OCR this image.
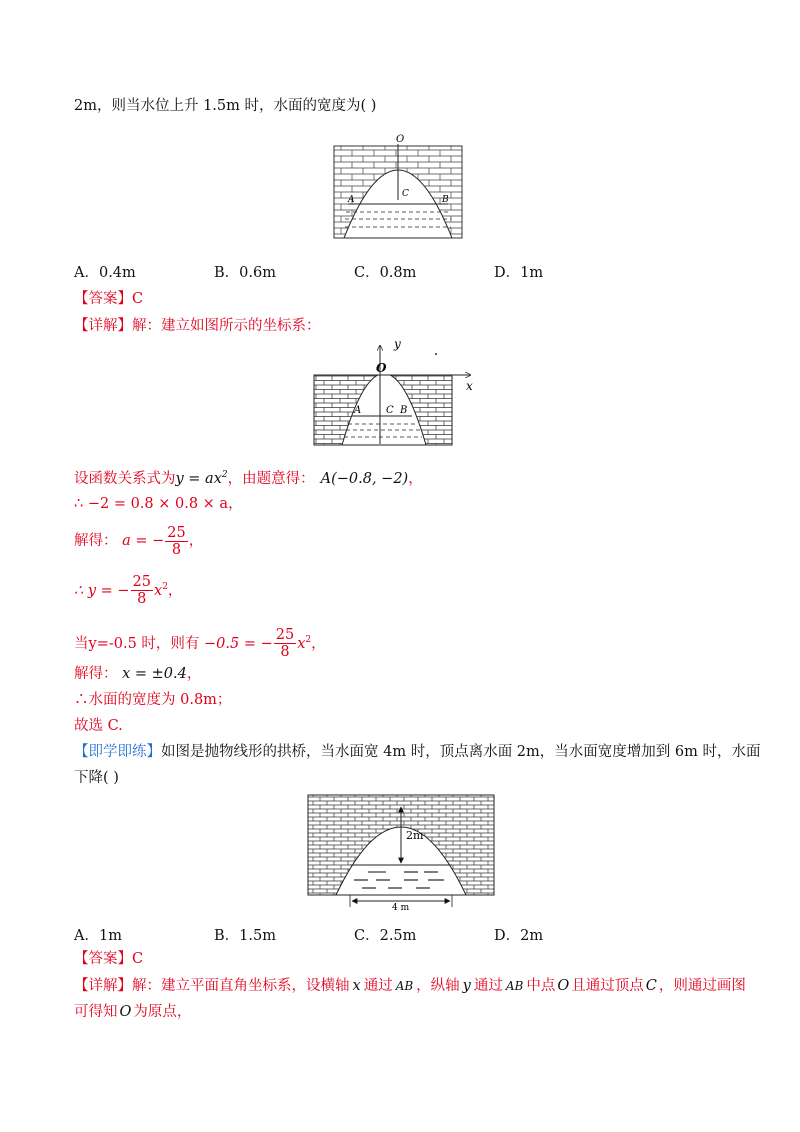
2m，则当水位上升 1.5m 时，水面的宽度为( )
O
A	B
C
A．0.4m	B．0.6m	C．0.8m	D．1m
【答案】C
【详解】解：建立如图所示的坐标系：
y
x
O
A C B
设函数关系式为$y = ax^2$，由题意得： A(−0.8, −2)，
∴ −2 = 0.8 × 0.8 × a，
解得： a = − $\frac{25}{8}$ ，
∴ y = − $\frac{25}{8} x^2$，
当y=-0.5 时，则有 −0.5 = − $\frac{25}{8} x^2$，
解得： x = ±0.4，
∴水面的宽度为 0.8m；
故选 C.
【即学即练】如图是抛物线形的拱桥，当水面宽 4m 时，顶点离水面 2m，当水面宽度增加到 6m 时，水面
下降( )
2m
4 m
A．1m	B．1.5m	C．2.5m	D．2m
【答案】C
【详解】解：建立平面直角坐标系，设横轴 x 通过 AB ，纵轴 y 通过 AB 中点 O 且通过顶点 C ，则通过画图
可得知 O 为原点，
